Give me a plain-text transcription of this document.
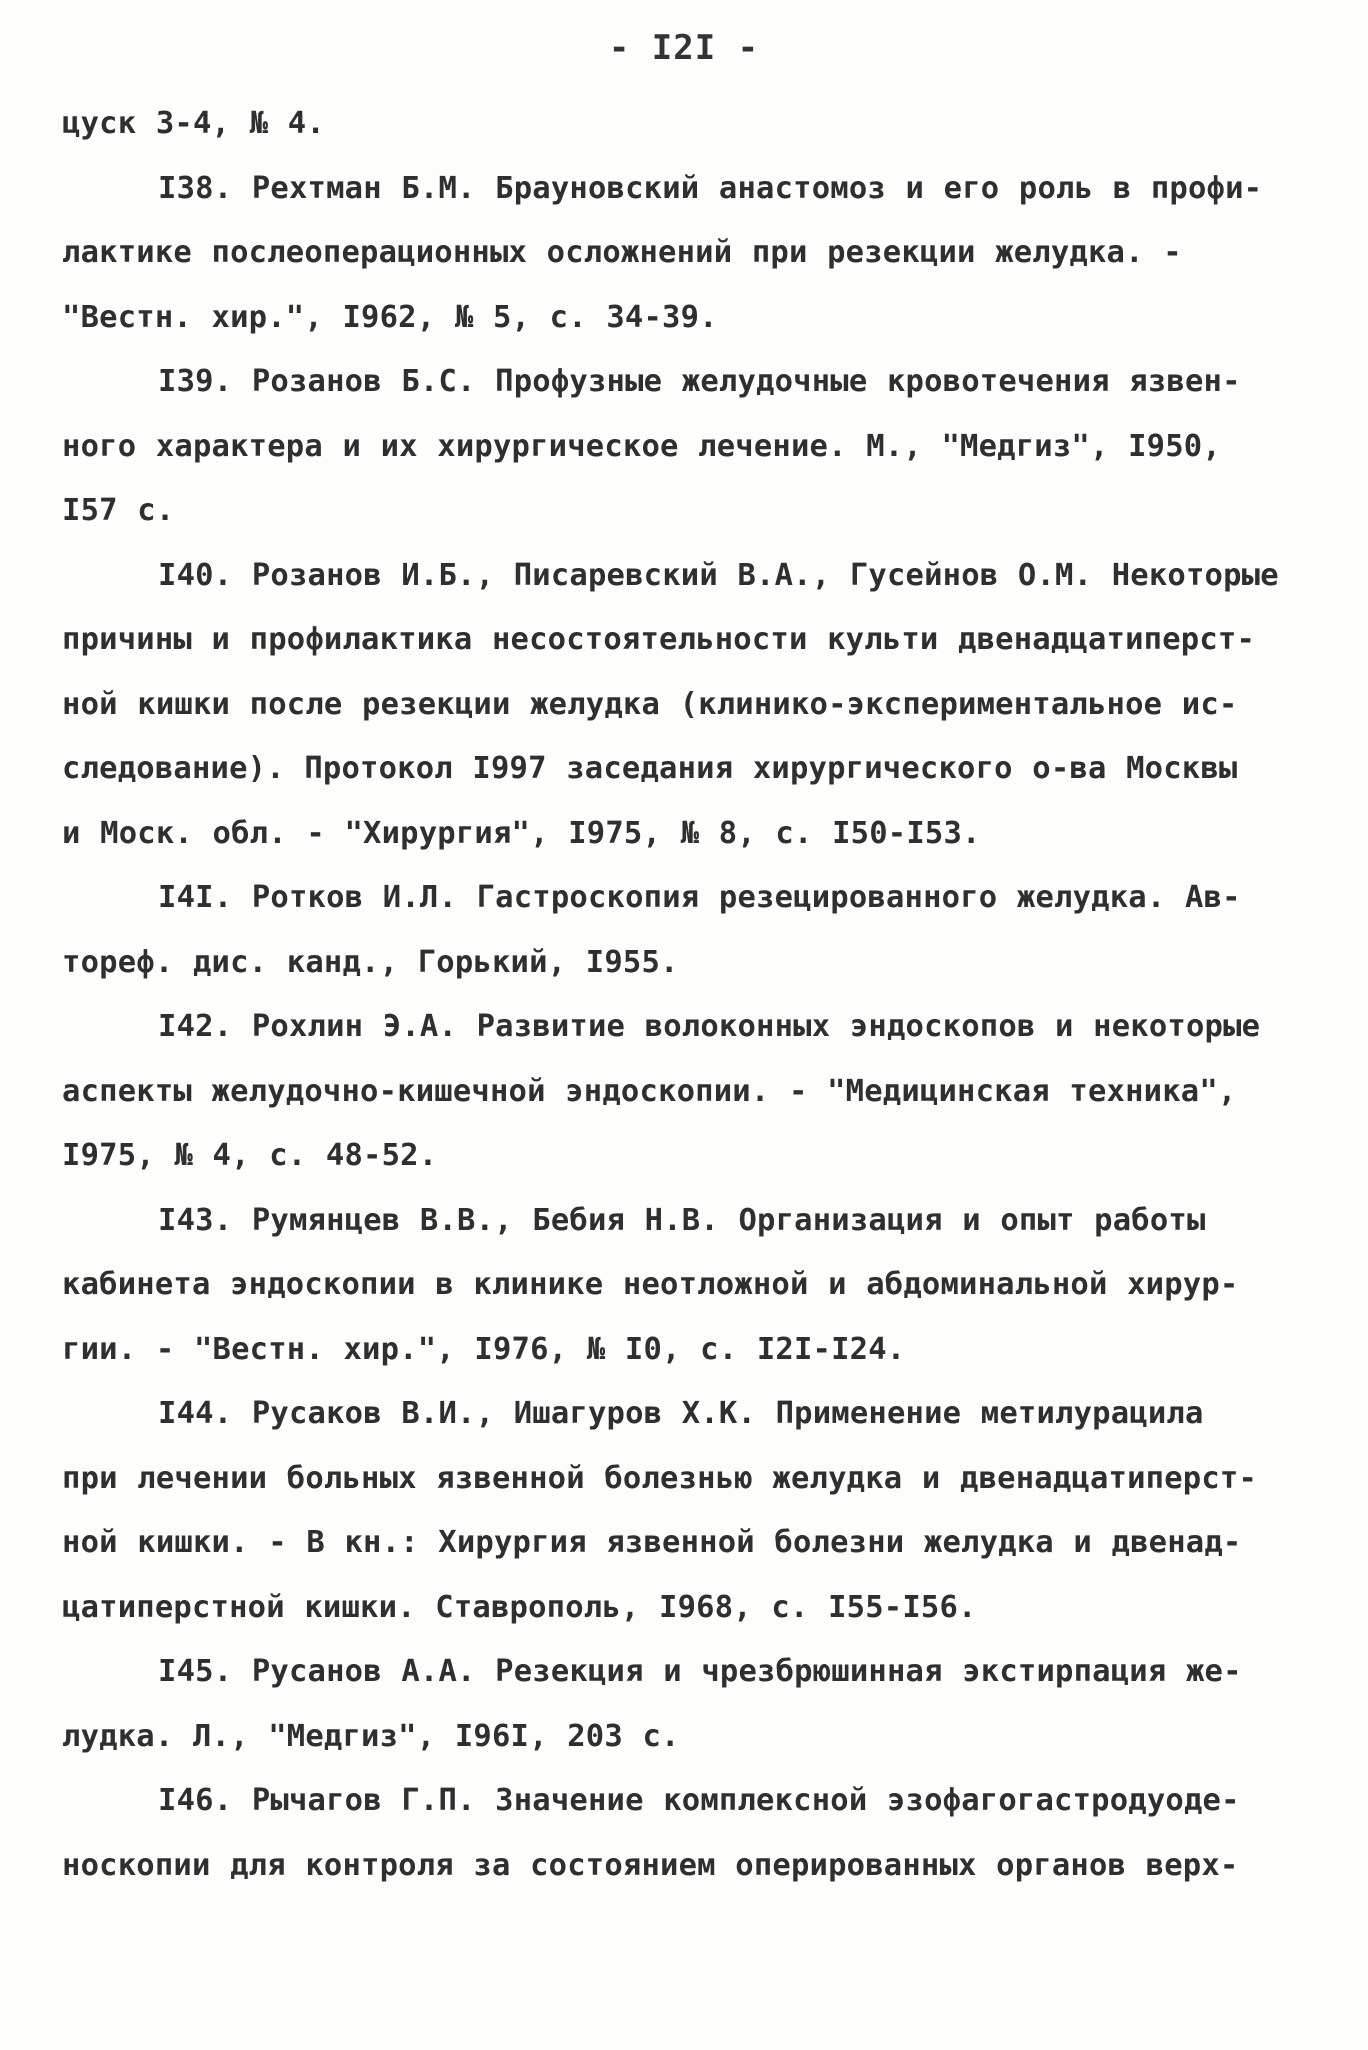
- I2I -
цуск 3-4, № 4.
I38. Рехтман Б.М. Брауновский анастомоз и его роль в профи-
лактике послеоперационных осложнений при резекции желудка. -
"Вестн. хир.", I962, № 5, с. 34-39.
I39. Розанов Б.С. Профузные желудочные кровотечения язвен-
ного характера и их хирургическое лечение. М., "Медгиз", I950,
I57 с.
I40. Розанов И.Б., Писаревский В.А., Гусейнов О.М. Некоторые
причины и профилактика несостоятельности культи двенадцатиперст-
ной кишки после резекции желудка (клинико-экспериментальное ис-
следование). Протокол I997 заседания хирургического о-ва Москвы
и Моск. обл. - "Хирургия", I975, № 8, с. I50-I53.
I4I. Ротков И.Л. Гастроскопия резецированного желудка. Ав-
тореф. дис. канд., Горький, I955.
I42. Рохлин Э.А. Развитие волоконных эндоскопов и некоторые
аспекты желудочно-кишечной эндоскопии. - "Медицинская техника",
I975, № 4, с. 48-52.
I43. Румянцев В.В., Бебия Н.В. Организация и опыт работы
кабинета эндоскопии в клинике неотложной и абдоминальной хирур-
гии. - "Вестн. хир.", I976, № I0, с. I2I-I24.
I44. Русаков В.И., Ишагуров Х.К. Применение метилурацила
при лечении больных язвенной болезнью желудка и двенадцатиперст-
ной кишки. - В кн.: Хирургия язвенной болезни желудка и двенад-
цатиперстной кишки. Ставрополь, I968, с. I55-I56.
I45. Русанов А.А. Резекция и чрезбрюшинная экстирпация же-
лудка. Л., "Медгиз", I96I, 203 с.
I46. Рычагов Г.П. Значение комплексной эзофагогастродуоде-
носкопии для контроля за состоянием оперированных органов верх-
